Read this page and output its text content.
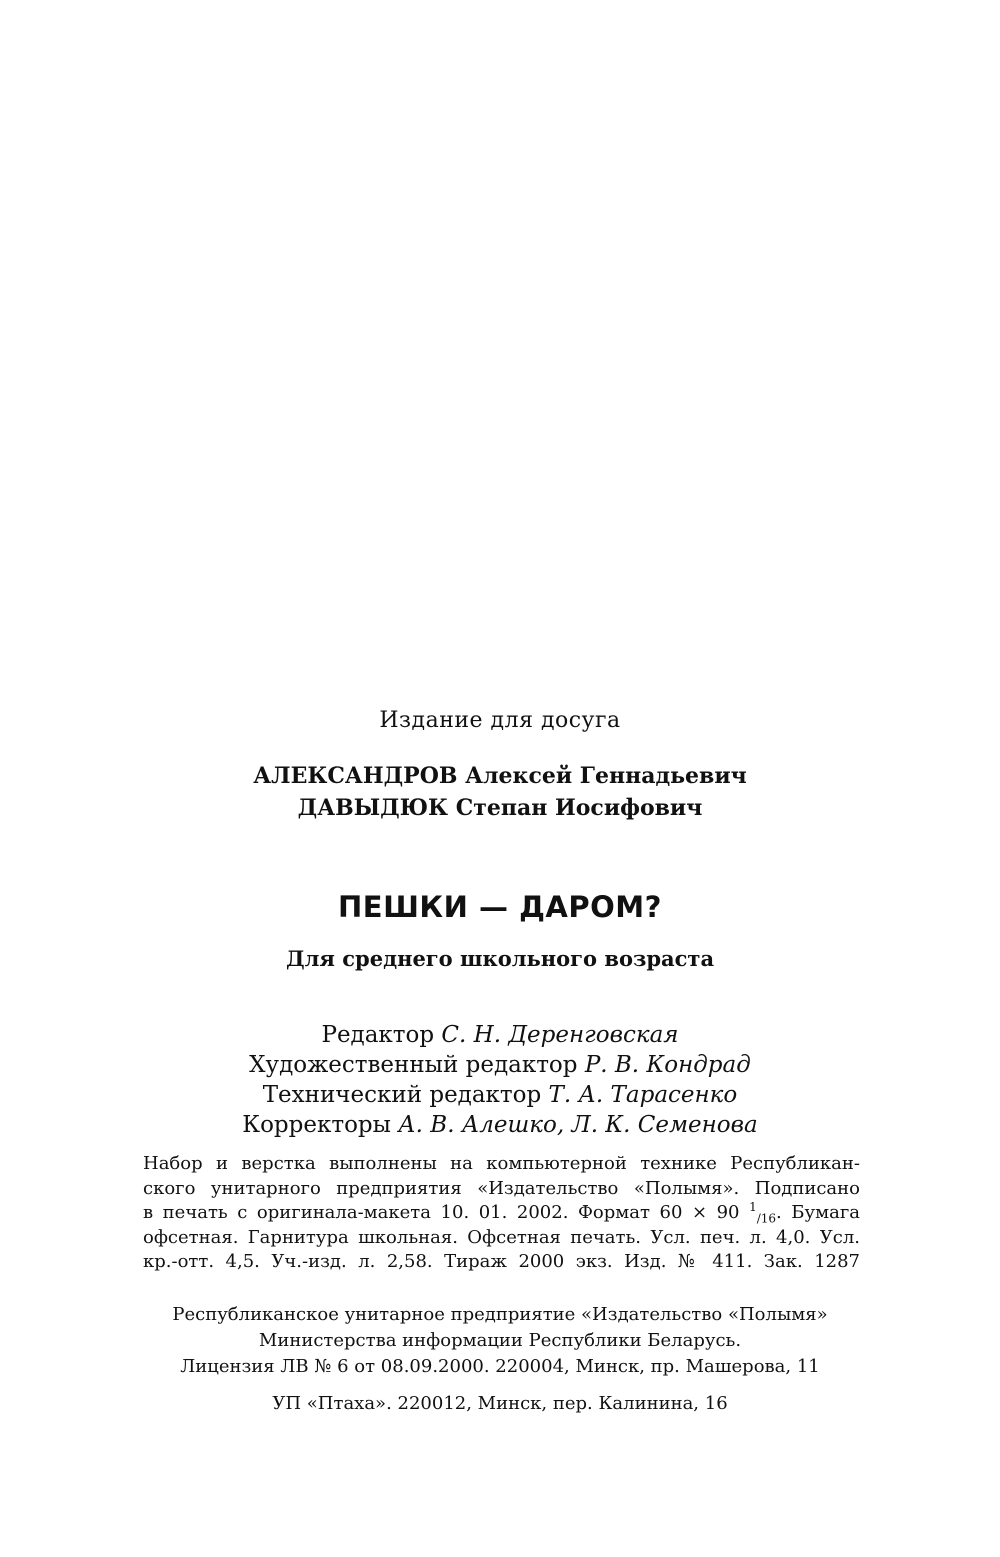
Издание для досуга
АЛЕКСАНДРОВ Алексей Геннадьевич
ДАВЫДЮК Степан Иосифович
ПЕШКИ — ДАРОМ?
Для среднего школьного возраста
Редактор С. Н. Деренговская
Художественный редактор Р. В. Кондрад
Технический редактор Т. А. Тарасенко
Корректоры А. В. Алешко, Л. К. Семенова
Набор и верстка выполнены на компьютерной технике Республикан-
ского унитарного предприятия «Издательство «Полымя». Подписано
в печать с оригинала-макета 10. 01. 2002. Формат 60 × 90 $^1_{/16}$. Бумага
офсетная. Гарнитура школьная. Офсетная печать. Усл. печ. л. 4,0. Усл.
кр.-отт. 4,5. Уч.-изд. л. 2,58. Тираж 2000 экз. Изд. № 411. Зак. 1287
Республиканское унитарное предприятие «Издательство «Полымя»
Министерства информации Республики Беларусь.
Лицензия ЛВ № 6 от 08.09.2000. 220004, Минск, пр. Машерова, 11
УП «Птаха». 220012, Минск, пер. Калинина, 16
